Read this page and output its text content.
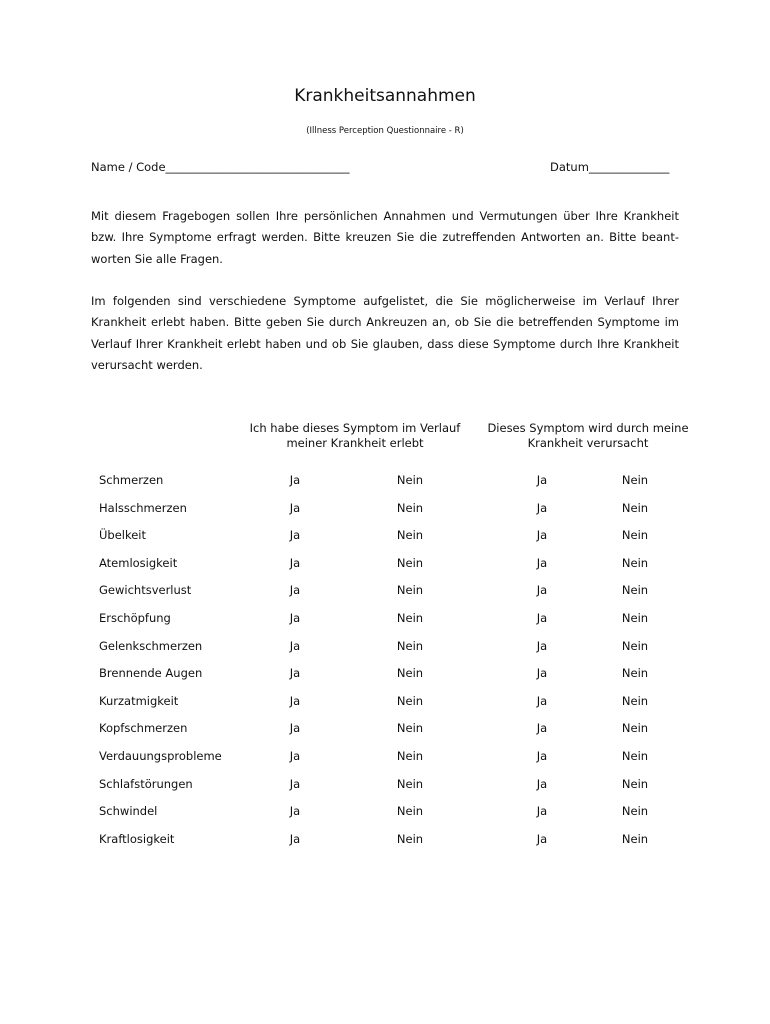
Krankheitsannahmen
(Illness Perception Questionnaire - R)
Name / Code________________________________	Datum______________

Mit diesem Fragebogen sollen Ihre persönlichen Annahmen und Vermutungen über Ihre Krankheit bzw. Ihre Symptome erfragt werden. Bitte kreuzen Sie die zutreffenden Antworten an. Bitte beant-worten Sie alle Fragen.

Im folgenden sind verschiedene Symptome aufgelistet, die Sie möglicherweise im Verlauf Ihrer Krankheit erlebt haben. Bitte geben Sie durch Ankreuzen an, ob Sie die betreffenden Symptome im Verlauf Ihrer Krankheit erlebt haben und ob Sie glauben, dass diese Symptome durch Ihre Krankheit verursacht werden.

Ich habe dieses Symptom im Verlauf meiner Krankheit erlebt
Dieses Symptom wird durch meine Krankheit verursacht
Schmerzen	Ja	Nein	Ja	Nein
Halsschmerzen	Ja	Nein	Ja	Nein
Übelkeit	Ja	Nein	Ja	Nein
Atemlosigkeit	Ja	Nein	Ja	Nein
Gewichtsverlust	Ja	Nein	Ja	Nein
Erschöpfung	Ja	Nein	Ja	Nein
Gelenkschmerzen	Ja	Nein	Ja	Nein
Brennende Augen	Ja	Nein	Ja	Nein
Kurzatmigkeit	Ja	Nein	Ja	Nein
Kopfschmerzen	Ja	Nein	Ja	Nein
Verdauungsprobleme	Ja	Nein	Ja	Nein
Schlafstörungen	Ja	Nein	Ja	Nein
Schwindel	Ja	Nein	Ja	Nein
Kraftlosigkeit	Ja	Nein	Ja	Nein
